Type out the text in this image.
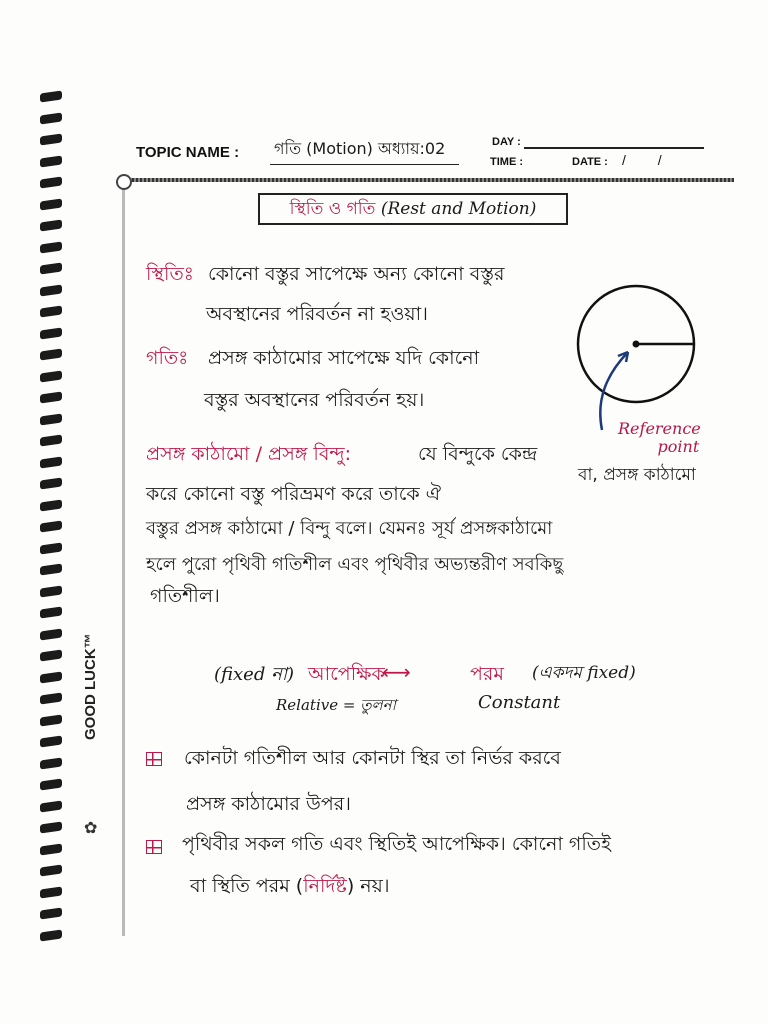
TOPIC NAME : গতি (Motion) অধ্যায়:02	DAY :
TIME :	DATE : / /
স্থিতি ও গতি (Rest and Motion)
স্থিতিঃ কোনো বস্তুর সাপেক্ষে অন্য কোনো বস্তুর
অবস্থানের পরিবর্তন না হওয়া।
গতিঃ প্রসঙ্গ কাঠামোর সাপেক্ষে যদি কোনো
বস্তুর অবস্থানের পরিবর্তন হয়।
Reference
point
বা, প্রসঙ্গ কাঠামো
প্রসঙ্গ কাঠামো / প্রসঙ্গ বিন্দু:	যে বিন্দুকে কেন্দ্র
করে কোনো বস্তু পরিভ্রমণ করে তাকে ঐ
বস্তুর প্রসঙ্গ কাঠামো / বিন্দু বলে। যেমনঃ সূর্য প্রসঙ্গকাঠামো
হলে পুরো পৃথিবী গতিশীল এবং পৃথিবীর অভ্যন্তরীণ সবকিছু
গতিশীল।
(fixed না) আপেক্ষিক
⟷	পরম (একদম fixed)
Relative = তুলনা	Constant
কোনটা গতিশীল আর কোনটা স্থির তা নির্ভর করবে
প্রসঙ্গ কাঠামোর উপর।
পৃথিবীর সকল গতি এবং স্থিতিই আপেক্ষিক। কোনো গতিই
বা স্থিতি পরম (নির্দিষ্ট) নয়।
GOOD LUCK™
✿
